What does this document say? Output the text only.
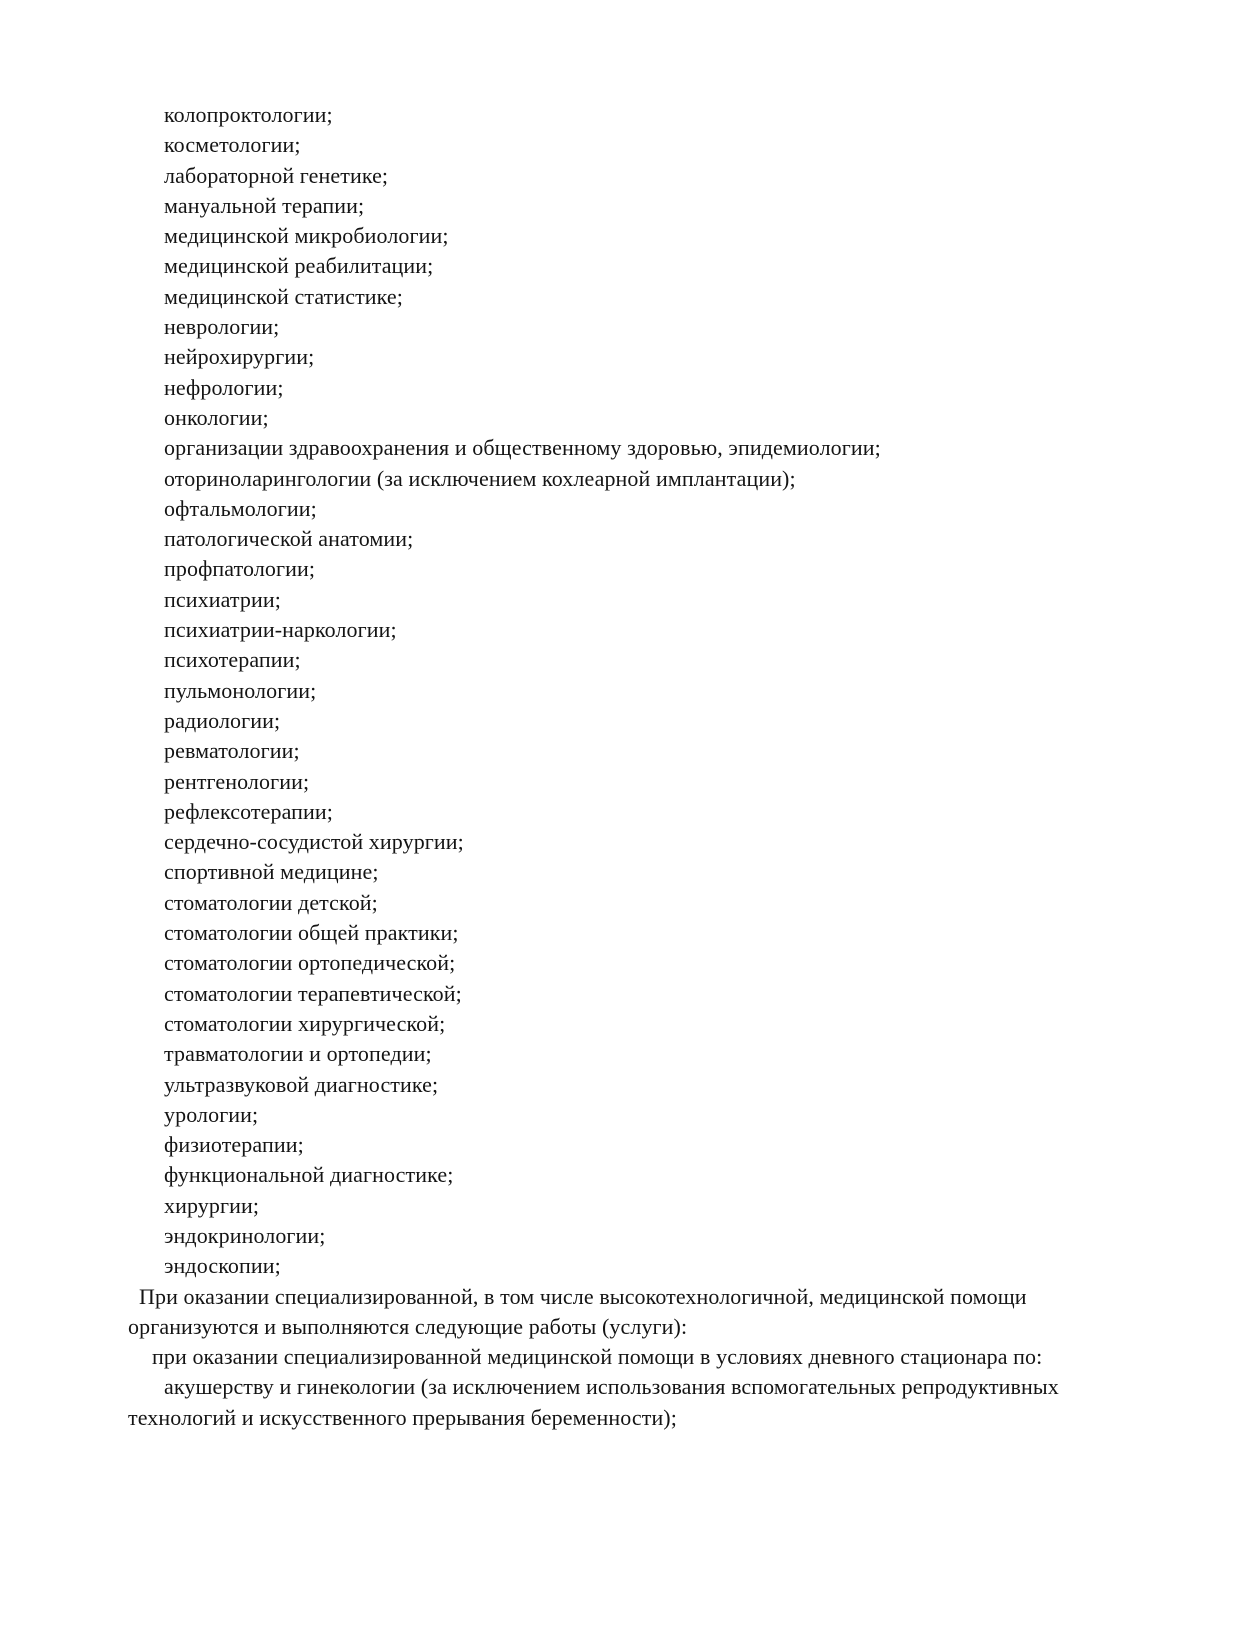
колопроктологии;
косметологии;
лабораторной генетике;
мануальной терапии;
медицинской микробиологии;
медицинской реабилитации;
медицинской статистике;
неврологии;
нейрохирургии;
нефрологии;
онкологии;
организации здравоохранения и общественному здоровью, эпидемиологии;
оториноларингологии (за исключением кохлеарной имплантации);
офтальмологии;
патологической анатомии;
профпатологии;
психиатрии;
психиатрии-наркологии;
психотерапии;
пульмонологии;
радиологии;
ревматологии;
рентгенологии;
рефлексотерапии;
сердечно-сосудистой хирургии;
спортивной медицине;
стоматологии детской;
стоматологии общей практики;
стоматологии ортопедической;
стоматологии терапевтической;
стоматологии хирургической;
травматологии и ортопедии;
ультразвуковой диагностике;
урологии;
физиотерапии;
функциональной диагностике;
хирургии;
эндокринологии;
эндоскопии;
При оказании специализированной, в том числе высокотехнологичной, медицинской помощи
организуются и выполняются следующие работы (услуги):
при оказании специализированной медицинской помощи в условиях дневного стационара по:
акушерству и гинекологии (за исключением использования вспомогательных репродуктивных
технологий и искусственного прерывания беременности);
